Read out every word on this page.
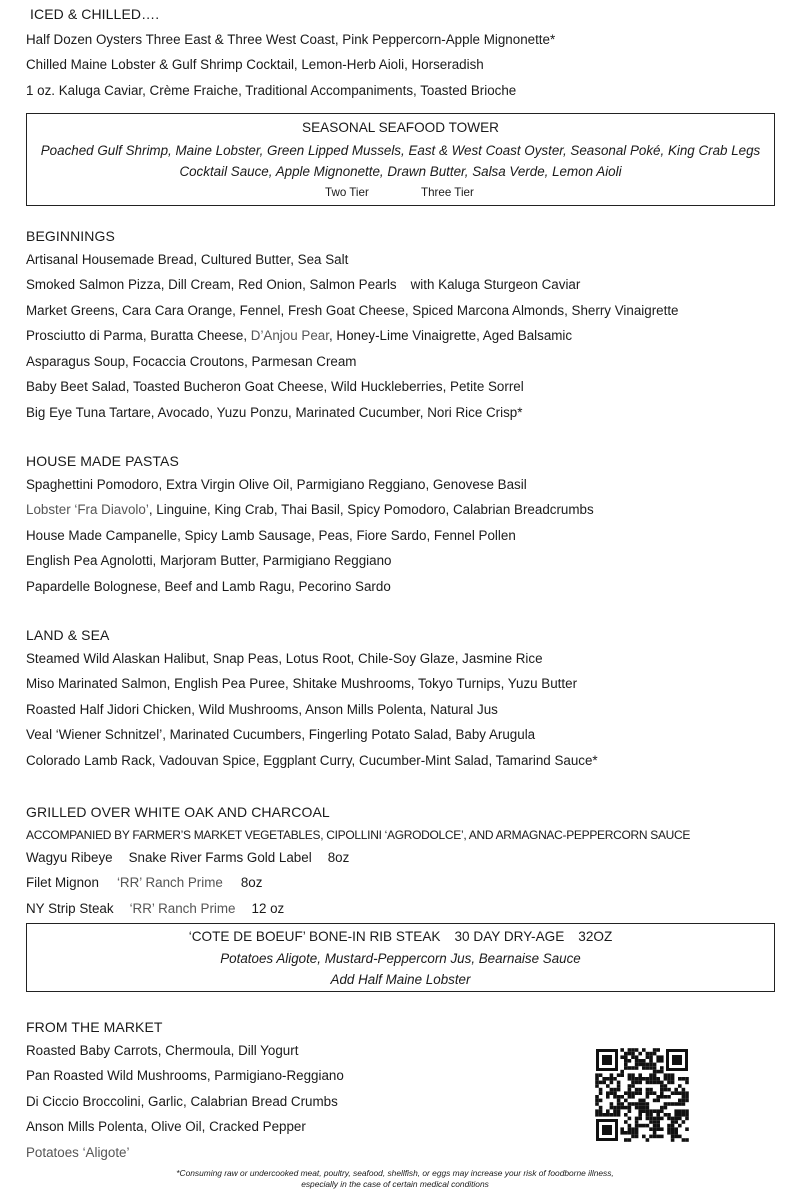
ICED & CHILLED….
Half Dozen Oysters Three East & Three West Coast, Pink Peppercorn-Apple Mignonette*
Chilled Maine Lobster & Gulf Shrimp Cocktail, Lemon-Herb Aioli, Horseradish
1 oz. Kaluga Caviar, Crème Fraiche, Traditional Accompaniments, Toasted Brioche
SEASONAL SEAFOOD TOWER
Poached Gulf Shrimp, Maine Lobster, Green Lipped Mussels, East & West Coast Oyster, Seasonal Poké, King Crab Legs
Cocktail Sauce, Apple Mignonette, Drawn Butter, Salsa Verde, Lemon Aioli
Two Tier	Three Tier
BEGINNINGS
Artisanal Housemade Bread, Cultured Butter, Sea Salt
Smoked Salmon Pizza, Dill Cream, Red Onion, Salmon Pearls with Kaluga Sturgeon Caviar
Market Greens, Cara Cara Orange, Fennel, Fresh Goat Cheese, Spiced Marcona Almonds, Sherry Vinaigrette
Prosciutto di Parma, Buratta Cheese, D’Anjou Pear, Honey-Lime Vinaigrette, Aged Balsamic
Asparagus Soup, Focaccia Croutons, Parmesan Cream
Baby Beet Salad, Toasted Bucheron Goat Cheese, Wild Huckleberries, Petite Sorrel
Big Eye Tuna Tartare, Avocado, Yuzu Ponzu, Marinated Cucumber, Nori Rice Crisp*
HOUSE MADE PASTAS
Spaghettini Pomodoro, Extra Virgin Olive Oil, Parmigiano Reggiano, Genovese Basil
Lobster ‘Fra Diavolo’, Linguine, King Crab, Thai Basil, Spicy Pomodoro, Calabrian Breadcrumbs
House Made Campanelle, Spicy Lamb Sausage, Peas, Fiore Sardo, Fennel Pollen
English Pea Agnolotti, Marjoram Butter, Parmigiano Reggiano
Papardelle Bolognese, Beef and Lamb Ragu, Pecorino Sardo
LAND & SEA
Steamed Wild Alaskan Halibut, Snap Peas, Lotus Root, Chile-Soy Glaze, Jasmine Rice
Miso Marinated Salmon, English Pea Puree, Shitake Mushrooms, Tokyo Turnips, Yuzu Butter
Roasted Half Jidori Chicken, Wild Mushrooms, Anson Mills Polenta, Natural Jus
Veal ‘Wiener Schnitzel’, Marinated Cucumbers, Fingerling Potato Salad, Baby Arugula
Colorado Lamb Rack, Vadouvan Spice, Eggplant Curry, Cucumber-Mint Salad, Tamarind Sauce*
GRILLED OVER WHITE OAK AND CHARCOAL
ACCOMPANIED BY FARMER’S MARKET VEGETABLES, CIPOLLINI ‘AGRODOLCE’, AND ARMAGNAC-PEPPERCORN SAUCE
Wagyu Ribeye Snake River Farms Gold Label 8oz
Filet Mignon ‘RR’ Ranch Prime 8oz
NY Strip Steak ‘RR’ Ranch Prime 12 oz
‘COTE DE BOEUF’ BONE-IN RIB STEAK 30 DAY DRY-AGE 32OZ
Potatoes Aligote, Mustard-Peppercorn Jus, Bearnaise Sauce
Add Half Maine Lobster
FROM THE MARKET
Roasted Baby Carrots, Chermoula, Dill Yogurt
Pan Roasted Wild Mushrooms, Parmigiano-Reggiano
Di Ciccio Broccolini, Garlic, Calabrian Bread Crumbs
Anson Mills Polenta, Olive Oil, Cracked Pepper
Potatoes ‘Aligote’
*Consuming raw or undercooked meat, poultry, seafood, shellfish, or eggs may increase your risk of foodborne illness,
especially in the case of certain medical conditions
